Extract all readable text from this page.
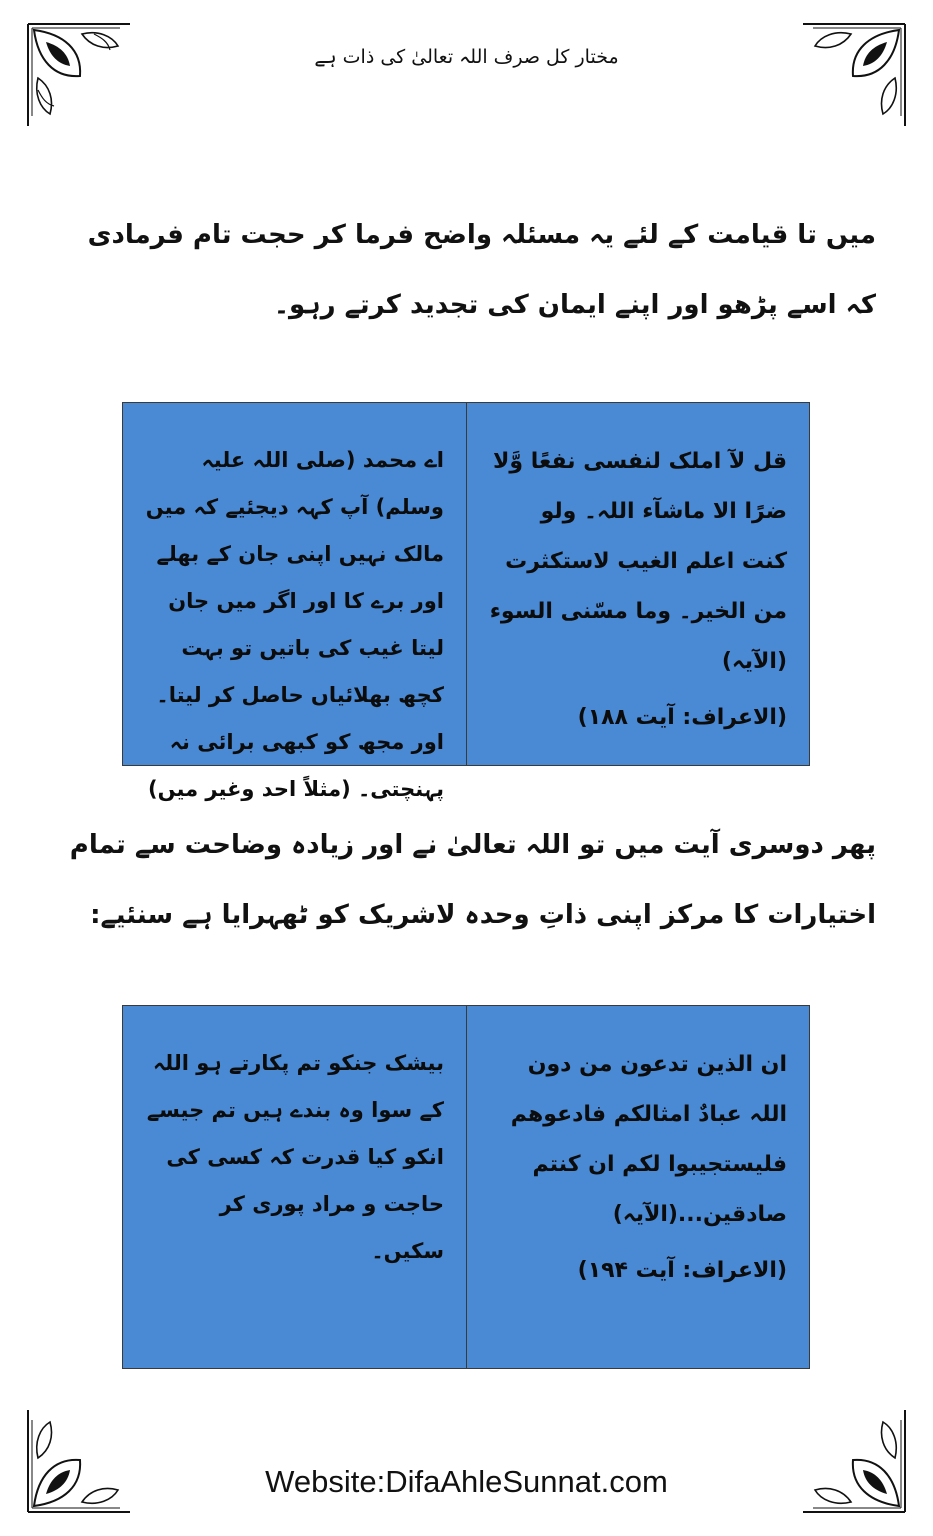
مختار کل صرف اللہ تعالیٰ کی ذات ہے
میں تا قیامت کے لئے یہ مسئلہ واضح فرما کر حجت تام فرمادی کہ اسے پڑھو اور اپنے ایمان کی تجدید کرتے رہو۔
قل لآ املک لنفسی نفعًا وَّلا ضرًا الا ماشآء اللہ۔ ولو کنت اعلم الغیب لاستکثرت من الخیر۔ وما مسّنی السوء (الآیہ)
(الاعراف: آیت ۱۸۸)
اے محمد (صلی اللہ علیہ وسلم) آپ کہہ دیجئیے کہ میں مالک نہیں اپنی جان کے بھلے اور برے کا اور اگر میں جان لیتا غیب کی باتیں تو بہت کچھ بھلائیاں حاصل کر لیتا۔ اور مجھ کو کبھی برائی نہ پہنچتی۔ (مثلاً احد وغیر میں)
پھر دوسری آیت میں تو اللہ تعالیٰ نے اور زیادہ وضاحت سے تمام اختیارات کا مرکز اپنی ذاتِ وحدہ لاشریک کو ٹھہرایا ہے سنئیے:
ان الذین تدعون من دون اللہ عبادٌ امثالکم فادعوھم فلیستجیبوا لکم ان کنتم صادقین...(الآیہ)
(الاعراف: آیت ۱۹۴)
بیشک جنکو تم پکارتے ہو اللہ کے سوا وہ بندے ہیں تم جیسے انکو کیا قدرت کہ کسی کی حاجت و مراد پوری کر سکیں۔
Website:DifaAhleSunnat.com
